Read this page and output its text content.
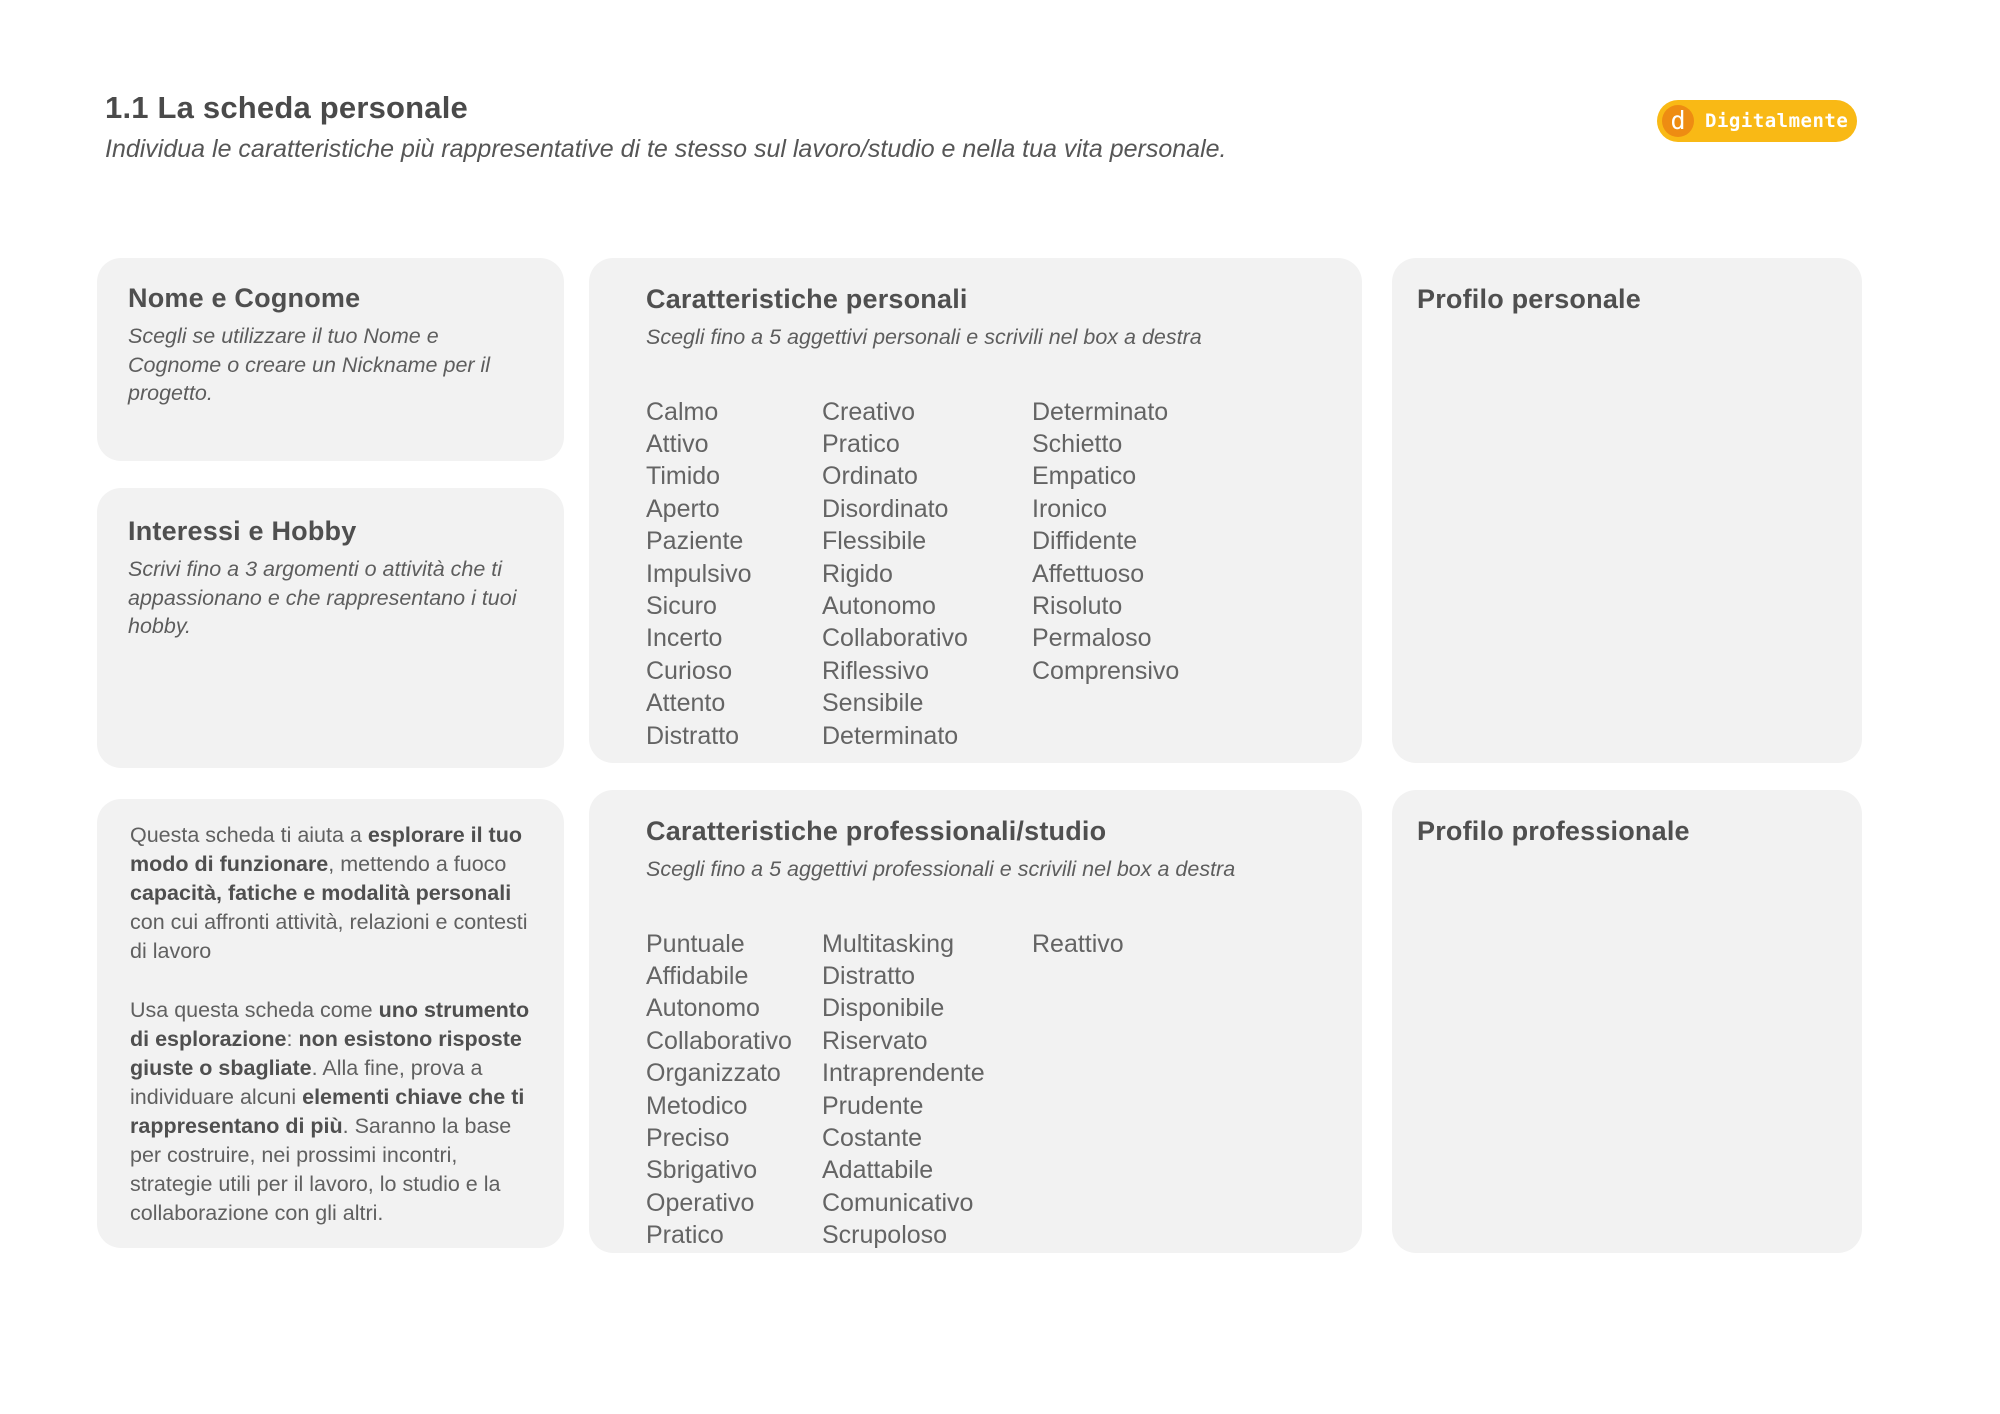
1.1 La scheda personale

Individua le caratteristiche più rappresentative di te stesso sul lavoro/studio e nella tua vita personale.

d Digitalmente
Nome e Cognome

Scegli se utilizzare il tuo Nome e Cognome o creare un Nickname per il progetto.

Interessi e Hobby

Scrivi fino a 3 argomenti o attività che ti appassionano e che rappresentano i tuoi hobby.

Questa scheda ti aiuta a esplorare il tuo modo di funzionare, mettendo a fuoco capacità, fatiche e modalità personali con cui affronti attività, relazioni e contesti di lavoro

Usa questa scheda come uno strumento di esplorazione: non esistono risposte giuste o sbagliate. Alla fine, prova a individuare alcuni elementi chiave che ti rappresentano di più. Saranno la base per costruire, nei prossimi incontri, strategie utili per il lavoro, lo studio e la collaborazione con gli altri.

Caratteristiche personali

Scegli fino a 5 aggettivi personali e scrivili nel box a destra

Calmo
Attivo
Timido
Aperto
Paziente
Impulsivo
Sicuro
Incerto
Curioso
Attento
Distratto
Creativo
Pratico
Ordinato
Disordinato
Flessibile
Rigido
Autonomo
Collaborativo
Riflessivo
Sensibile
Determinato
Determinato
Schietto
Empatico
Ironico
Diffidente
Affettuoso
Risoluto
Permaloso
Comprensivo
Caratteristiche professionali/studio

Scegli fino a 5 aggettivi professionali e scrivili nel box a destra

Puntuale
Affidabile
Autonomo
Collaborativo
Organizzato
Metodico
Preciso
Sbrigativo
Operativo
Pratico
Multitasking
Distratto
Disponibile
Riservato
Intraprendente
Prudente
Costante
Adattabile
Comunicativo
Scrupoloso
Reattivo
Profilo personale
Profilo professionale
